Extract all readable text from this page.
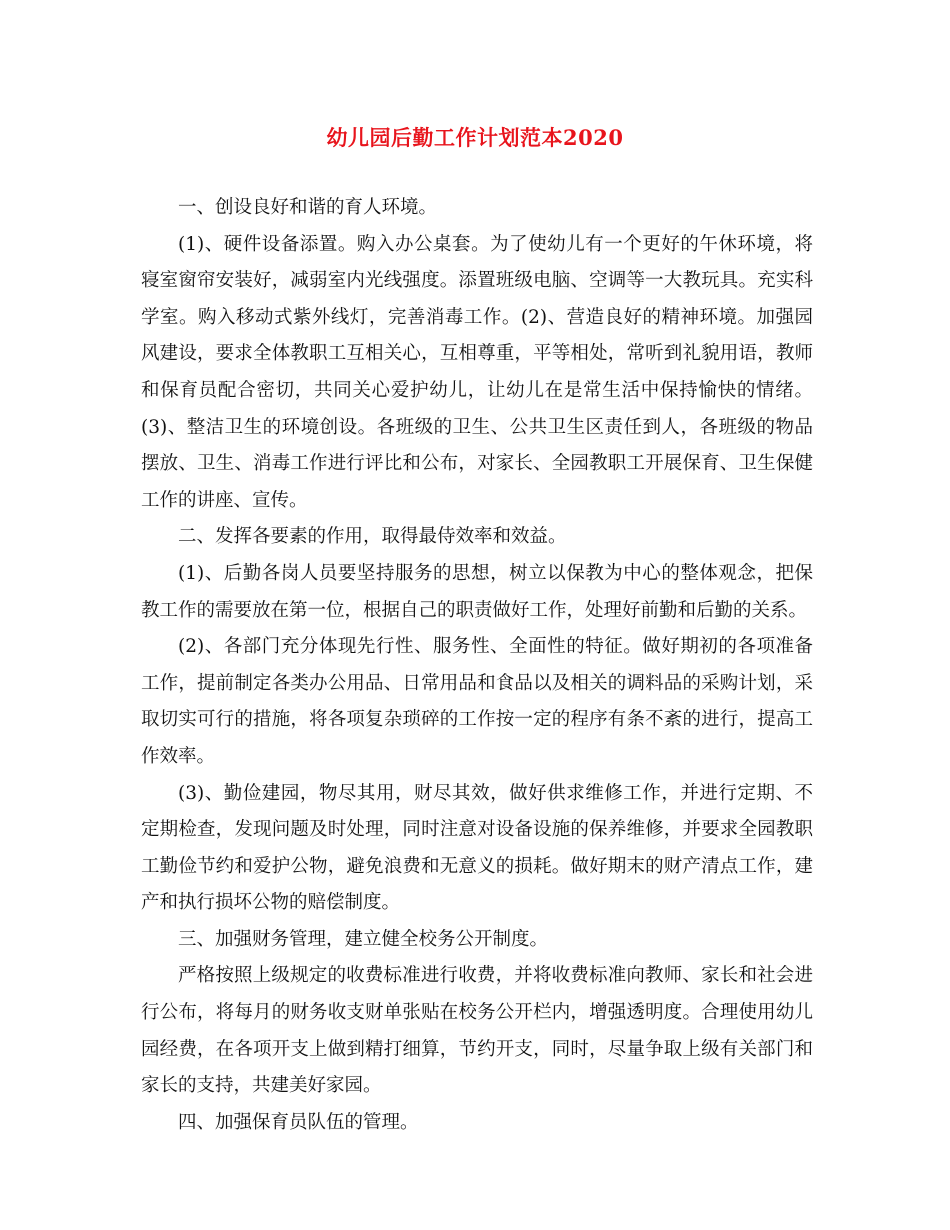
幼儿园后勤工作计划范本2020

一、创设良好和谐的育人环境。

(1)、硬件设备添置。购入办公桌套。为了使幼儿有一个更好的午休环境，将寝室窗帘安装好，减弱室内光线强度。添置班级电脑、空调等一大教玩具。充实科学室。购入移动式紫外线灯，完善消毒工作。(2)、营造良好的精神环境。加强园风建设，要求全体教职工互相关心，互相尊重，平等相处，常听到礼貌用语，教师和保育员配合密切，共同关心爱护幼儿，让幼儿在是常生活中保持愉快的情绪。(3)、整洁卫生的环境创设。各班级的卫生、公共卫生区责任到人，各班级的物品摆放、卫生、消毒工作进行评比和公布，对家长、全园教职工开展保育、卫生保健工作的讲座、宣传。

二、发挥各要素的作用，取得最侍效率和效益。

(1)、后勤各岗人员要坚持服务的思想，树立以保教为中心的整体观念，把保教工作的需要放在第一位，根据自己的职责做好工作，处理好前勤和后勤的关系。

(2)、各部门充分体现先行性、服务性、全面性的特征。做好期初的各项准备工作，提前制定各类办公用品、日常用品和食品以及相关的调料品的采购计划，采取切实可行的措施，将各项复杂琐碎的工作按一定的程序有条不紊的进行，提高工作效率。

(3)、勤俭建园，物尽其用，财尽其效，做好供求维修工作，并进行定期、不定期检查，发现问题及时处理，同时注意对设备设施的保养维修，并要求全园教职工勤俭节约和爱护公物，避免浪费和无意义的损耗。做好期末的财产清点工作，建产和执行损坏公物的赔偿制度。

三、加强财务管理，建立健全校务公开制度。

严格按照上级规定的收费标准进行收费，并将收费标准向教师、家长和社会进行公布，将每月的财务收支财单张贴在校务公开栏内，增强透明度。合理使用幼儿园经费，在各项开支上做到精打细算，节约开支，同时，尽量争取上级有关部门和家长的支持，共建美好家园。

四、加强保育员队伍的管理。
